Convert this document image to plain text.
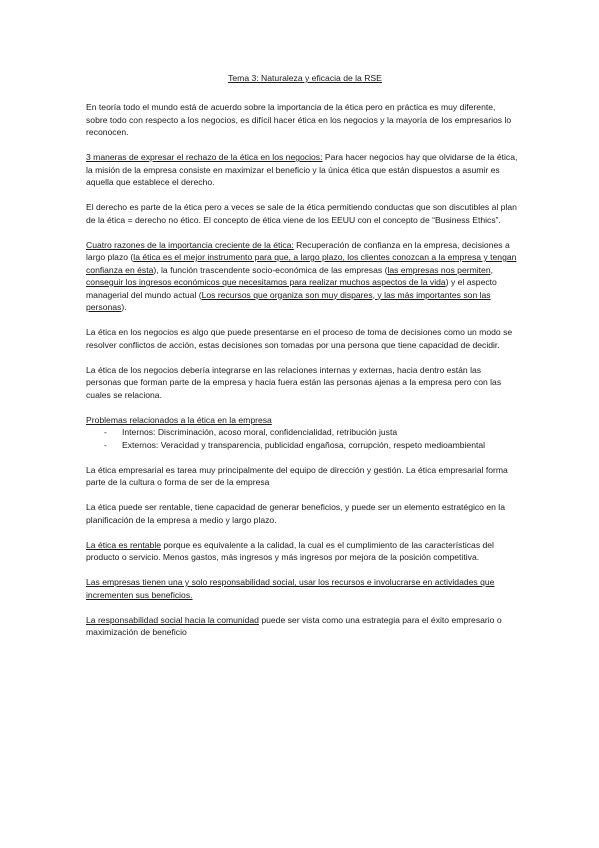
Tema 3: Naturaleza y eficacia de la RSE

En teoría todo el mundo está de acuerdo sobre la importancia de la ética pero en práctica es muy diferente, sobre todo con respecto a los negocios, es difícil hacer ética en los negocios y la mayoría de los empresarios lo reconocen.

3 maneras de expresar el rechazo de la ética en los negocios: Para hacer negocios hay que olvidarse de la ética, la misión de la empresa consiste en maximizar el beneficio y la única ética que están dispuestos a asumir es aquella que establece el derecho.

El derecho es parte de la ética pero a veces se sale de la ética permitiendo conductas que son discutibles al plan de la ética = derecho no ético. El concepto de ética viene de los EEUU con el concepto de “Business Ethics”.

Cuatro razones de la importancia creciente de la ética: Recuperación de confianza en la empresa, decisiones a largo plazo (la ética es el mejor instrumento para que, a largo plazo, los clientes conozcan a la empresa y tengan confianza en ésta), la función trascendente socio-económica de las empresas (las empresas nos permiten, conseguir los ingresos económicos que necesitamos para realizar muchos aspectos de la vida) y el aspecto managerial del mundo actual (Los recursos que organiza son muy dispares, y las más importantes son las personas).

La ética en los negocios es algo que puede presentarse en el proceso de toma de decisiones como un modo se resolver conflictos de acción, estas decisiones son tomadas por una persona que tiene capacidad de decidir.

La ética de los negocios debería integrarse en las relaciones internas y externas, hacia dentro están las personas que forman parte de la empresa y hacia fuera están las personas ajenas a la empresa pero con las cuales se relaciona.

Problemas relacionados a la ética en la empresa
- Internos: Discriminación, acoso moral, confidencialidad, retribución justa
- Externos: Veracidad y transparencia, publicidad engañosa, corrupción, respeto medioambiental

La ética empresarial es tarea muy principalmente del equipo de dirección y gestión. La ética empresarial forma parte de la cultura o forma de ser de la empresa

La ética puede ser rentable, tiene capacidad de generar beneficios, y puede ser un elemento estratégico en la planificación de la empresa a medio y largo plazo.

La ética es rentable porque es equivalente a la calidad, la cual es el cumplimiento de las características del producto o servicio. Menos gastos, más ingresos y más ingresos por mejora de la posición competitiva.

Las empresas tienen una y solo responsabilidad social, usar los recursos e involucrarse en actividades que incrementen sus beneficios.

La responsabilidad social hacia la comunidad puede ser vista como una estrategia para el éxito empresario o maximización de beneficio
